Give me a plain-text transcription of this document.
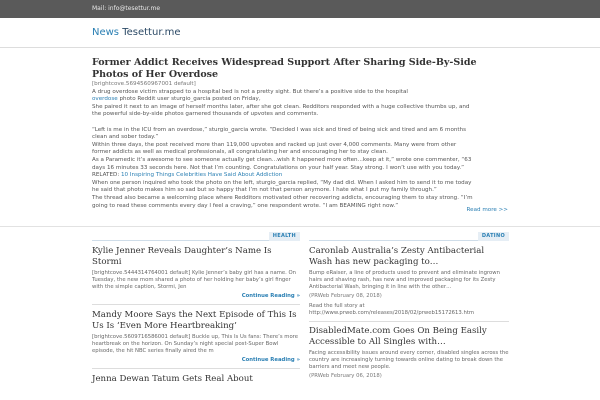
Mail: info@tesettur.me
News Tesettur.me
Former Addict Receives Widespread Support After Sharing Side-By-Side Photos of Her Overdose
[brightcove.5694560967001 default]

A drug overdose victim strapped to a hospital bed is not a pretty sight. But there’s a positive side to the hospital

overdose photo Reddit user sturgio_garcia posted on Friday,

She paired it next to an image of herself months later, after she got clean. Redditors responded with a huge collective thumbs up, and

the powerful side-by-side photos garnered thousands of upvotes and comments.

“Left is me in the ICU from an overdose,” sturgio_garcia wrote. “Decided I was sick and tired of being sick and tired and am 6 months

clean and sober today.”

Within three days, the post received more than 119,000 upvotes and racked up just over 4,000 comments. Many were from other

former addicts as well as medical professionals, all congratulating her and encouraging her to stay clean.

As a Paramedic it’s awesome to see someone actually get clean...wish it happened more often...keep at it,” wrote one commenter, “63

days 16 minutes 33 seconds here. Not that I’m counting. Congratulations on your half year. Stay strong. I won’t use with you today.”

RELATED: 10 Inspiring Things Celebrities Have Said About Addiction

When one person inquired who took the photo on the left, sturgio_garcia replied, “My dad did. When I asked him to send it to me today

he said that photo makes him so sad but so happy that I’m not that person anymore. I hate what I put my family through.”

The thread also became a welcoming place where Redditors motivated other recovering addicts, encouraging them to stay strong. “I’m

going to read these comments every day I feel a craving,” one respondent wrote. “I am BEAMING right now.”

Read more >>
HEALTH
Kylie Jenner Reveals Daughter’s Name Is Stormi
[brightcove.5444314764001 default] Kylie Jenner’s baby girl has a name. On Tuesday, the new mom shared a photo of her holding her baby’s girl finger with the simple caption, Stormi, Jen
Continue Reading »
Mandy Moore Says the Next Episode of This Is Us Is ‘Even More Heartbreaking’
[brightcove.5609716586001 default] Buckle up, This Is Us fans: There’s more heartbreak on the horizon. On Sunday’s night special post-Super Bowl episode, the hit NBC series finally aired the m
Continue Reading »
Jenna Dewan Tatum Gets Real About
DATINO
Caronlab Australia’s Zesty Antibacterial Wash has new packaging to…
Bump eRaiser, a line of products used to prevent and eliminate ingrown hairs and shaving rash, has new and improved packaging for its Zesty Antibacterial Wash, bringing it in line with the other…
(PRWeb February 08, 2018)
Read the full story at
http://www.prweb.com/releases/2018/02/prweb15172613.htm
DisabledMate.com Goes On Being Easily Accessible to All Singles with…
Facing accessibility issues around every corner, disabled singles across the country are increasingly turning towards online dating to break down the barriers and meet new people.
(PRWeb February 06, 2018)
